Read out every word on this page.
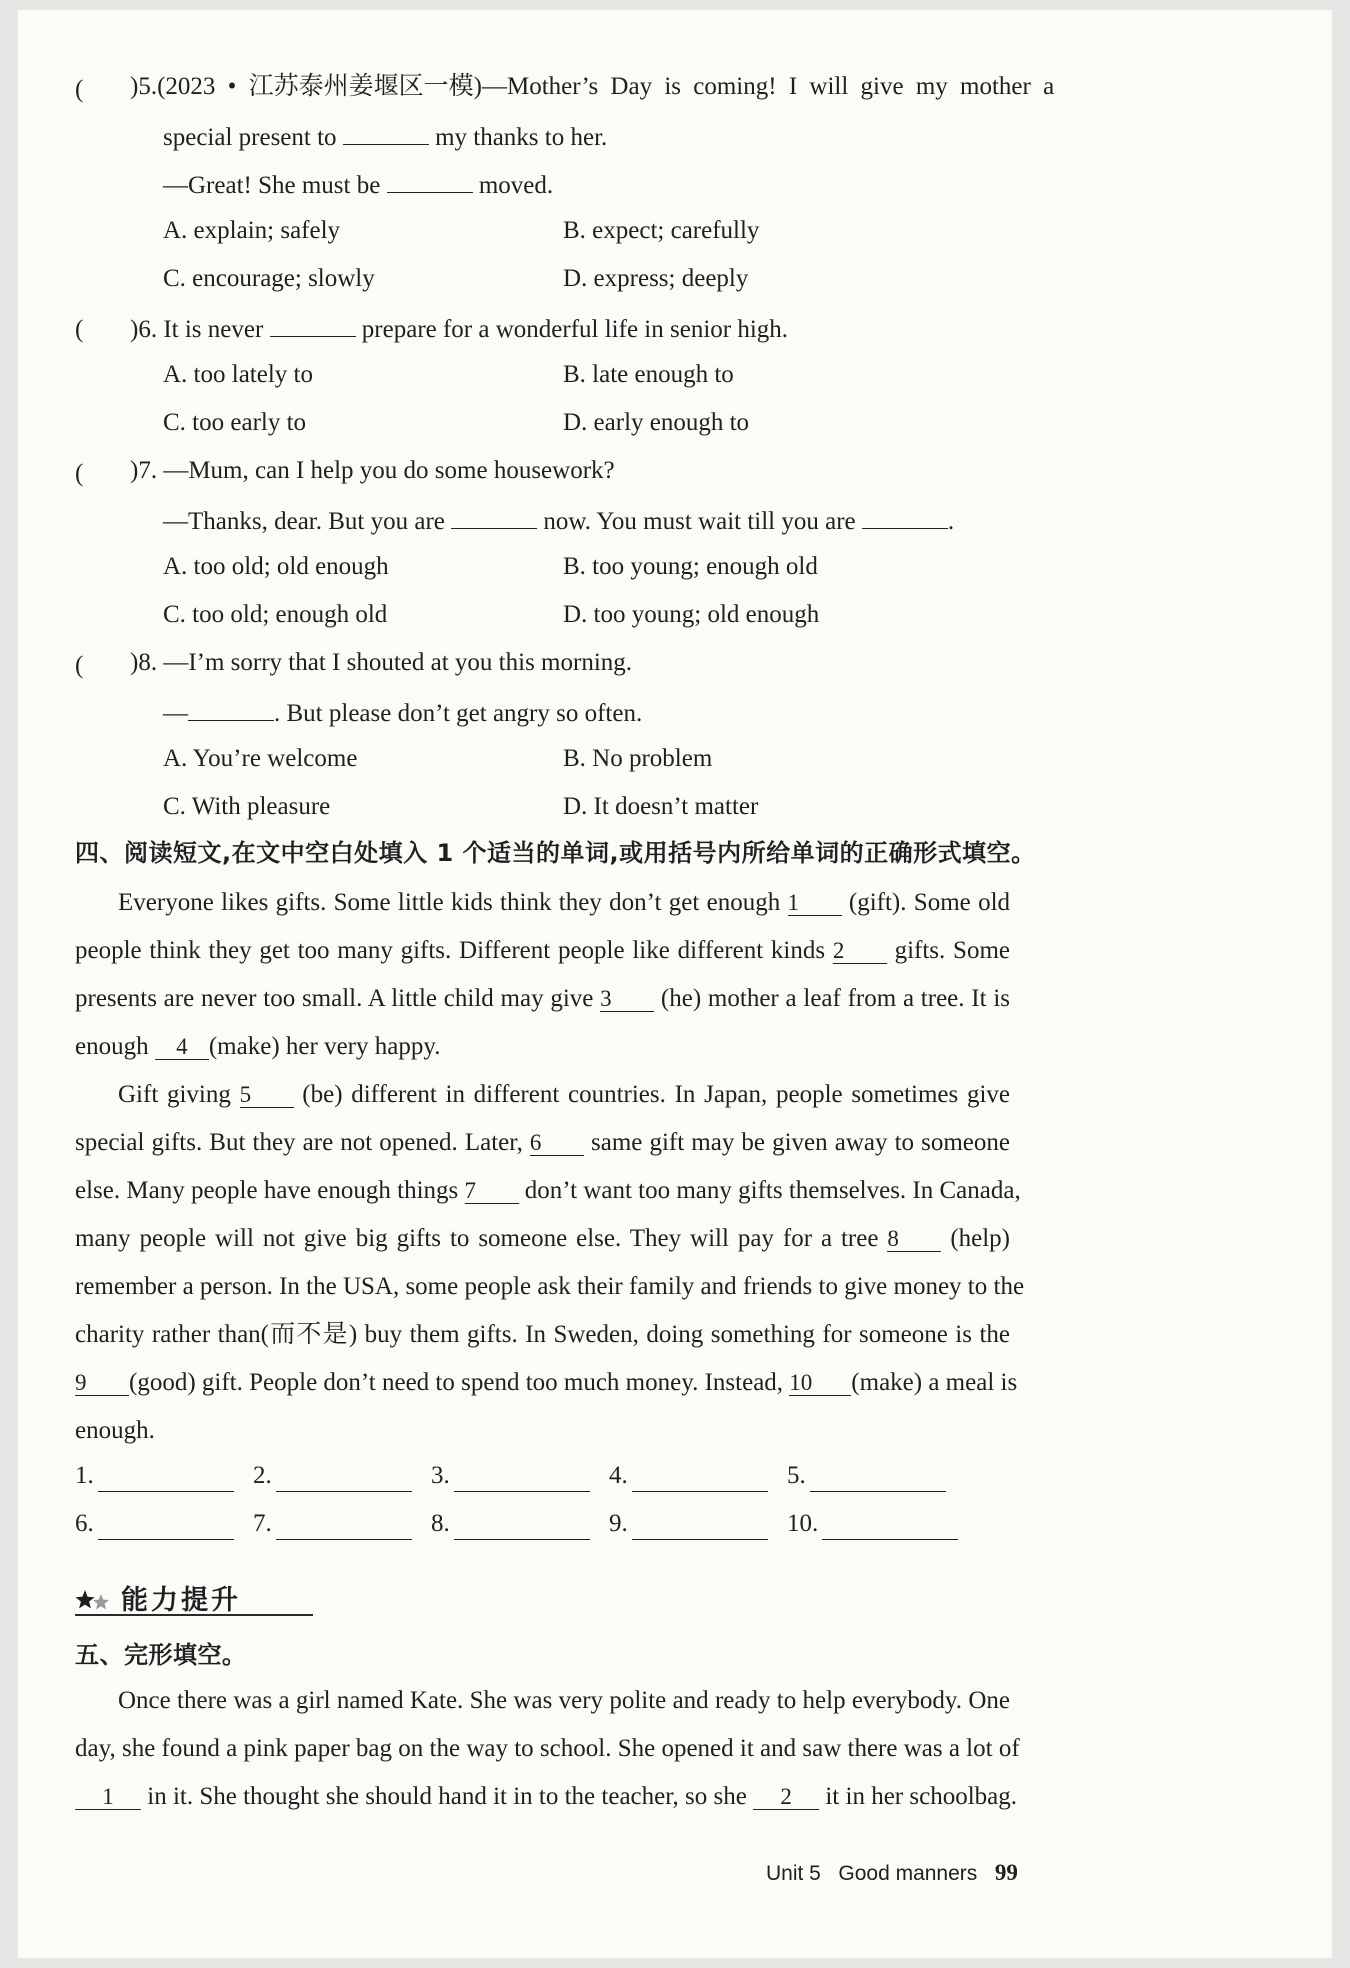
( )5.(2023 • 江苏泰州姜堰区一模)—Mother’s Day is coming! I will give my mother a
special present to	my thanks to her.
—Great! She must be	moved.
A. explain; safely	B. expect; carefully
C. encourage; slowly	D. express; deeply
( )6. It is never	prepare for a wonderful life in senior high.
A. too lately to	B. late enough to
C. too early to	D. early enough to
( )7. —Mum, can I help you do some housework?
—Thanks, dear. But you are	now. You must wait till you are	.
A. too old; old enough	B. too young; enough old
C. too old; enough old	D. too young; old enough
( )8. —I’m sorry that I shouted at you this morning.
—	. But please don’t get angry so often.
A. You’re welcome	B. No problem
C. With pleasure	D. It doesn’t matter
四、阅读短文,在文中空白处填入 1 个适当的单词,或用括号内所给单词的正确形式填空。
Everyone likes gifts. Some little kids think they don’t get enough 1 (gift). Some old
people think they get too many gifts. Different people like different kinds 2 gifts. Some
presents are never too small. A little child may give 3 (he) mother a leaf from a tree. It is
enough 4 (make) her very happy.
Gift giving 5 (be) different in different countries. In Japan, people sometimes give
special gifts. But they are not opened. Later, 6 same gift may be given away to someone
else. Many people have enough things 7 don’t want too many gifts themselves. In Canada,
many people will not give big gifts to someone else. They will pay for a tree 8 (help)
remember a person. In the USA, some people ask their family and friends to give money to the
charity rather than(而不是) buy them gifts. In Sweden, doing something for someone is the
9 (good) gift. People don’t need to spend too much money. Instead, 10 (make) a meal is
enough.
1.	2.	3.	4.	5.
6.	7.	8.	9.	10.
能力提升
五、完形填空。
Once there was a girl named Kate. She was very polite and ready to help everybody. One
day, she found a pink paper bag on the way to school. She opened it and saw there was a lot of
1 in it. She thought she should hand it in to the teacher, so she 2 it in her schoolbag.
Unit 5 Good manners 99
